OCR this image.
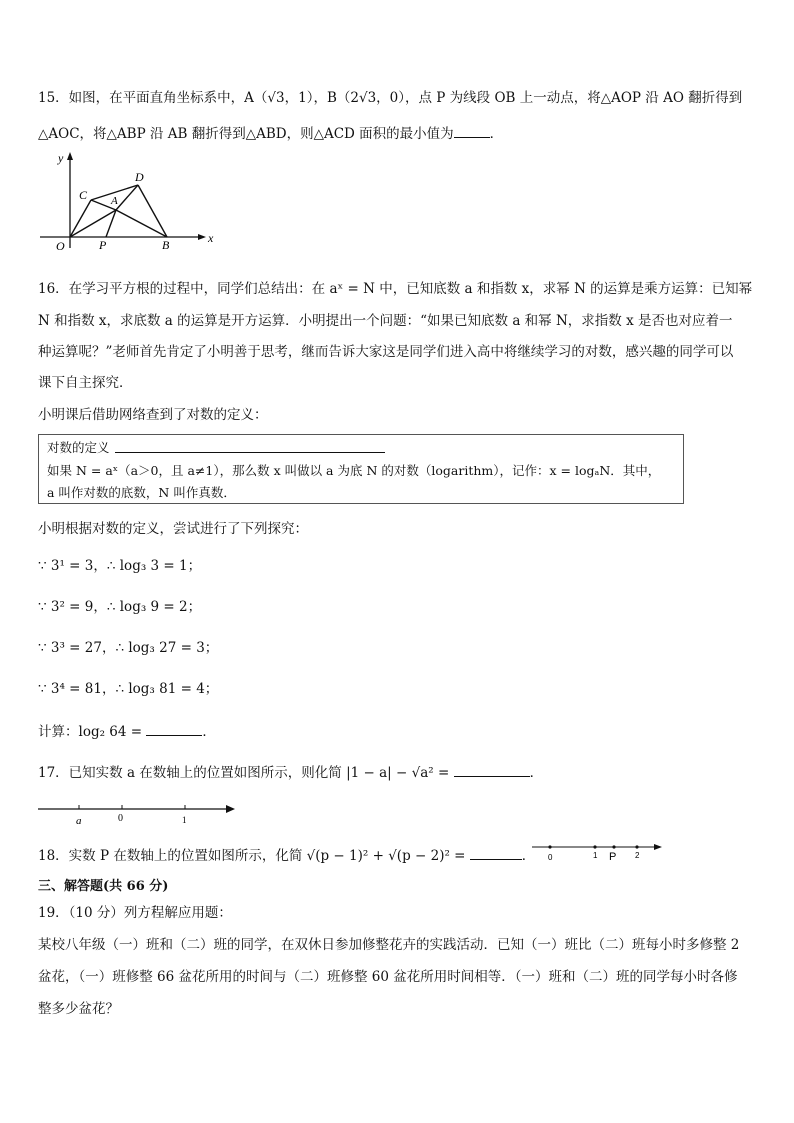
15．如图，在平面直角坐标系中，A（√3，1），B（2√3，0），点 P 为线段 OB 上一动点，将△AOP 沿 AO 翻折得到
△AOC，将△ABP 沿 AB 翻折得到△ABD，则△ACD 面积的最小值为	．
y
x
O	P	B
C A
D
16．在学习平方根的过程中，同学们总结出：在 aˣ = N 中，已知底数 a 和指数 x，求幂 N 的运算是乘方运算：已知幂
N 和指数 x，求底数 a 的运算是开方运算．小明提出一个问题：“如果已知底数 a 和幂 N，求指数 x 是否也对应着一
种运算呢？”老师首先肯定了小明善于思考，继而告诉大家这是同学们进入高中将继续学习的对数，感兴趣的同学可以
课下自主探究．
小明课后借助网络查到了对数的定义：
对数的定义
如果 N = aˣ（a＞0，且 a≠1），那么数 x 叫做以 a 为底 N 的对数（logarithm），记作：x = logₐN．其中，
a 叫作对数的底数，N 叫作真数．
小明根据对数的定义，尝试进行了下列探究：
∵ 3¹ = 3，∴ log₃ 3 = 1；
∵ 3² = 9，∴ log₃ 9 = 2；
∵ 3³ = 27，∴ log₃ 27 = 3；
∵ 3⁴ = 81，∴ log₃ 81 = 4；
计算：log₂ 64 =	．
17．已知实数 a 在数轴上的位置如图所示，则化简 |1 − a| − √a² =	．
a	0	1
18．实数 P 在数轴上的位置如图所示，化简 √(p − 1)² + √(p − 2)² =	． 0	1 P 2
三、解答题(共 66 分)
19．（10 分）列方程解应用题：
某校八年级（一）班和（二）班的同学，在双休日参加修整花卉的实践活动．已知（一）班比（二）班每小时多修整 2
盆花，（一）班修整 66 盆花所用的时间与（二）班修整 60 盆花所用时间相等．（一）班和（二）班的同学每小时各修
整多少盆花？
